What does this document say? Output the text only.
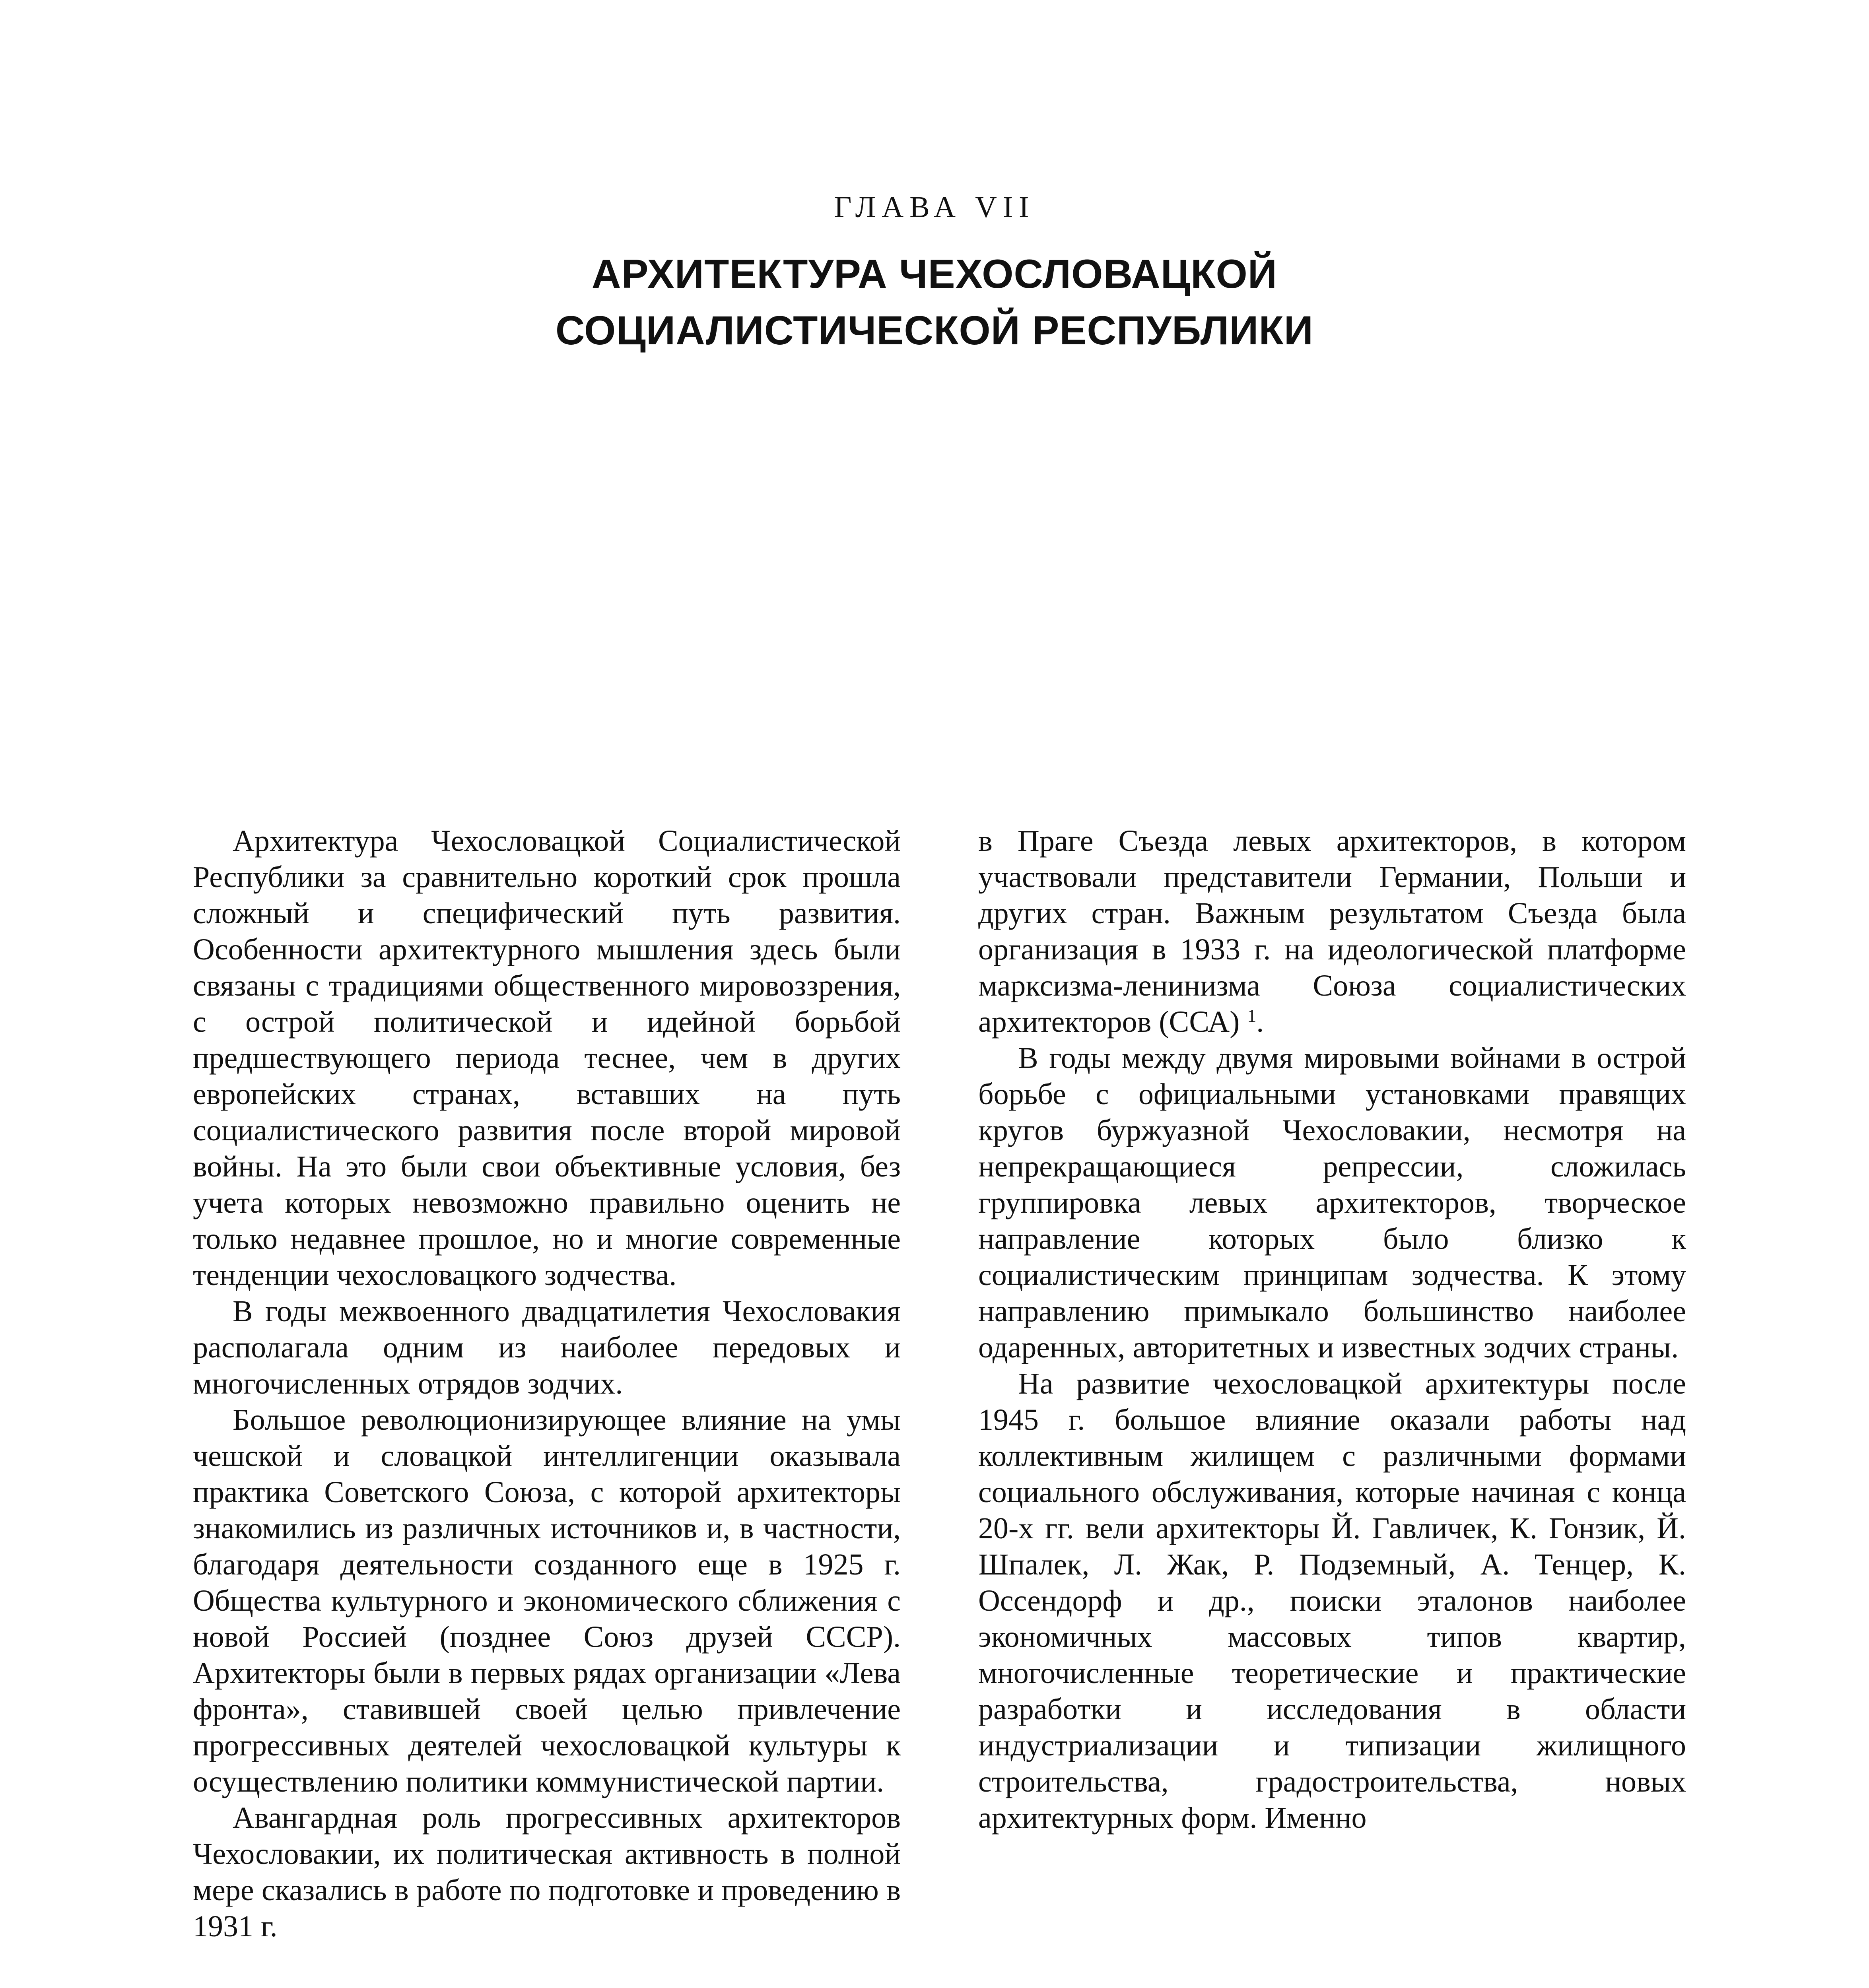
ГЛАВА VII
АРХИТЕКТУРА ЧЕХОСЛОВАЦКОЙ
СОЦИАЛИСТИЧЕСКОЙ РЕСПУБЛИКИ

Архитектура Чехословацкой Социалистической Республики за сравнительно короткий срок прошла сложный и специфический путь развития. Особенности архитектурного мышления здесь были связаны с традициями общественного мировоззрения, с острой политической и идейной борьбой предшествующего периода теснее, чем в других европейских странах, вставших на путь социалистического развития после второй мировой войны. На это были свои объективные условия, без учета которых невозможно правильно оценить не только недавнее прошлое, но и многие современные тенденции чехословацкого зодчества.

В годы межвоенного двадцатилетия Чехословакия располагала одним из наиболее передовых и многочисленных отрядов зодчих.

Большое революционизирующее влияние на умы чешской и словацкой интеллигенции оказывала практика Советского Союза, с которой архитекторы знакомились из различных источников и, в частности, благодаря деятельности созданного еще в 1925 г. Общества культурного и экономического сближения с новой Россией (позднее Союз друзей СССР). Архитекторы были в первых рядах организации «Лева фронта», ставившей своей целью привлечение прогрессивных деятелей чехословацкой культуры к осуществлению политики коммунистической партии.

Авангардная роль прогрессивных архитекторов Чехословакии, их политическая активность в полной мере сказались в работе по подготовке и проведению в 1931 г.

в Праге Съезда левых архитекторов, в котором участвовали представители Германии, Польши и других стран. Важным результатом Съезда была организация в 1933 г. на идеологической платформе марксизма-ленинизма Союза социалистических архитекторов (ССА) $^1$.

В годы между двумя мировыми войнами в острой борьбе с официальными установками правящих кругов буржуазной Чехословакии, несмотря на непрекращающиеся репрессии, сложилась группировка левых архитекторов, творческое направление которых было близко к социалистическим принципам зодчества. К этому направлению примыкало большинство наиболее одаренных, авторитетных и известных зодчих страны.

На развитие чехословацкой архитектуры после 1945 г. большое влияние оказали работы над коллективным жилищем с различными формами социального обслуживания, которые начиная с конца 20-х гг. вели архитекторы Й. Гавличек, К. Гонзик, Й. Шпалек, Л. Жак, Р. Подземный, А. Тенцер, К. Оссендорф и др., поиски эталонов наиболее экономичных массовых типов квартир, многочисленные теоретические и практические разработки и исследования в области индустриализации и типизации жилищного строительства, градостроительства, новых архитектурных форм. Именно
